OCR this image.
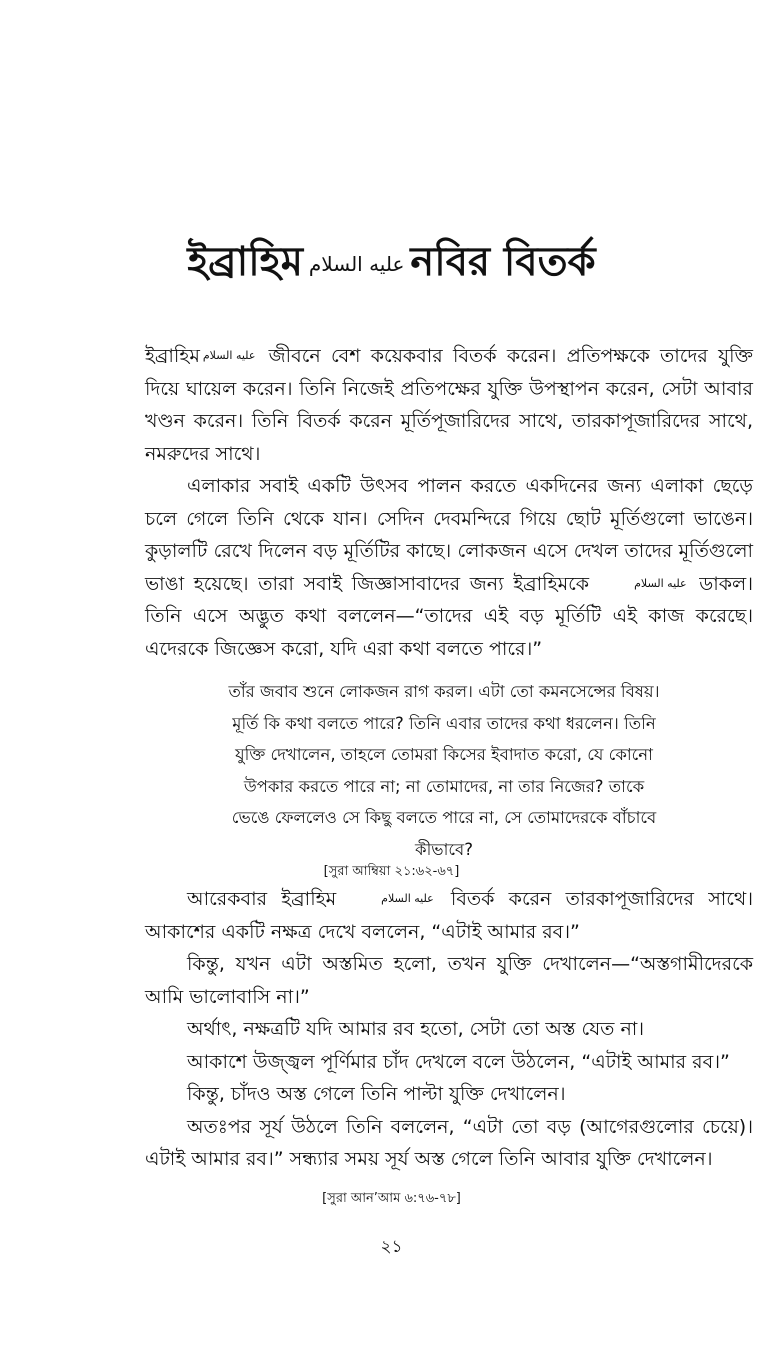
ইব্রাহিম عليه السلام নবির বিতর্ক

ইব্রাহিম عليه السلام জীবনে বেশ কয়েকবার বিতর্ক করেন। প্রতিপক্ষকে তাদের যুক্তি দিয়ে ঘায়েল করেন। তিনি নিজেই প্রতিপক্ষের যুক্তি উপস্থাপন করেন, সেটা আবার খণ্ডন করেন। তিনি বিতর্ক করেন মূর্তিপূজারিদের সাথে, তারকাপূজারিদের সাথে, নমরুদের সাথে।

এলাকার সবাই একটি উৎসব পালন করতে একদিনের জন্য এলাকা ছেড়ে চলে গেলে তিনি থেকে যান। সেদিন দেবমন্দিরে গিয়ে ছোট মূর্তিগুলো ভাঙেন। কুড়ালটি রেখে দিলেন বড় মূর্তিটির কাছে। লোকজন এসে দেখল তাদের মূর্তিগুলো ভাঙা হয়েছে। তারা সবাই জিজ্ঞাসাবাদের জন্য ইব্রাহিমকে	عليه السلام ডাকল। তিনি এসে অদ্ভুত কথা বললেন—“তাদের এই বড় মূর্তিটি এই কাজ করেছে। এদেরকে জিজ্ঞেস করো, যদি এরা কথা বলতে পারে।”

তাঁর জবাব শুনে লোকজন রাগ করল। এটা তো কমনসেন্সের বিষয়। মূর্তি কি কথা বলতে পারে? তিনি এবার তাদের কথা ধরলেন। তিনি যুক্তি দেখালেন, তাহলে তোমরা কিসের ইবাদাত করো, যে কোনো উপকার করতে পারে না; না তোমাদের, না তার নিজের? তাকে ভেঙে ফেললেও সে কিছু বলতে পারে না, সে তোমাদেরকে বাঁচাবে কীভাবে?
[সুরা আম্বিয়া ২১:৬২-৬৭]

আরেকবার ইব্রাহিম	عليه السلام বিতর্ক করেন তারকাপূজারিদের সাথে। আকাশের একটি নক্ষত্র দেখে বললেন, “এটাই আমার রব।”

কিন্তু, যখন এটা অস্তমিত হলো, তখন যুক্তি দেখালেন—“অস্তগামীদেরকে আমি ভালোবাসি না।”

অর্থাৎ, নক্ষত্রটি যদি আমার রব হতো, সেটা তো অস্ত যেত না।

আকাশে উজ্জ্বল পূর্ণিমার চাঁদ দেখলে বলে উঠলেন, “এটাই আমার রব।”

কিন্তু, চাঁদও অস্ত গেলে তিনি পাল্টা যুক্তি দেখালেন।

অতঃপর সূর্য উঠলে তিনি বললেন, “এটা তো বড় (আগেরগুলোর চেয়ে)। এটাই আমার রব।” সন্ধ্যার সময় সূর্য অস্ত গেলে তিনি আবার যুক্তি দেখালেন।

[সুরা আন’আম ৬:৭৬-৭৮]
২১
